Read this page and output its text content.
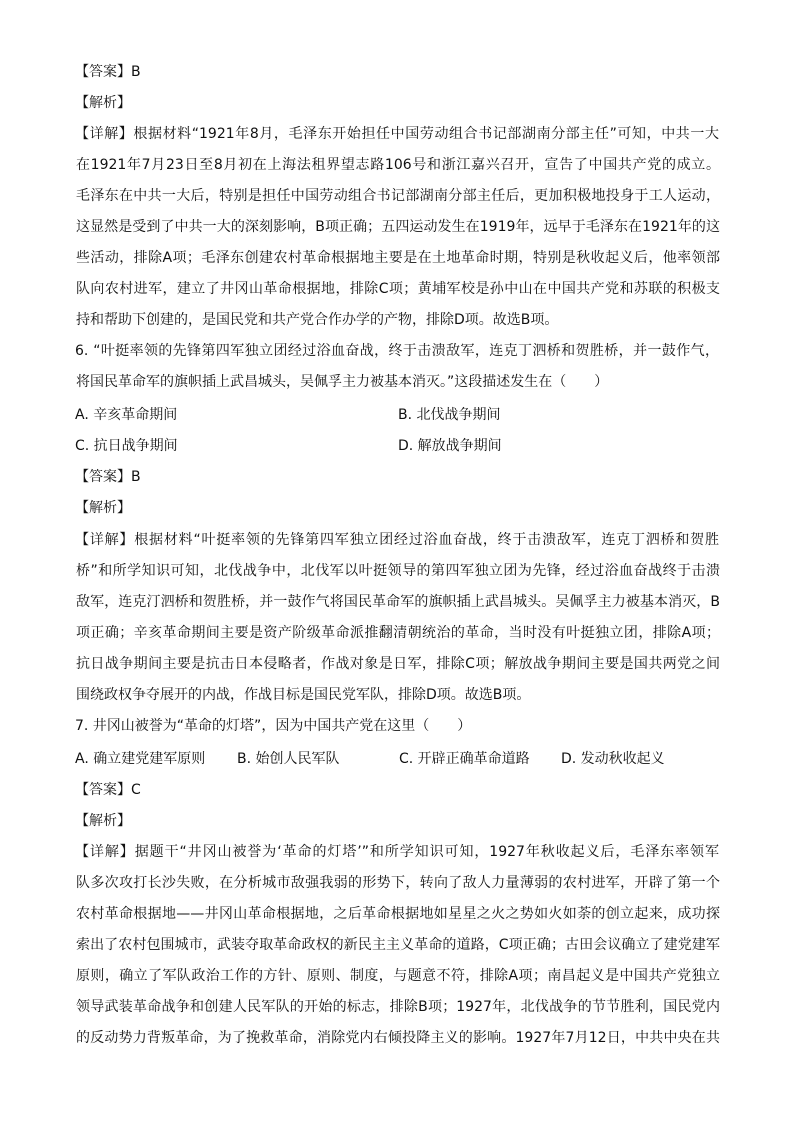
【答案】B
【解析】
【详解】根据材料“1921年8月，毛泽东开始担任中国劳动组合书记部湖南分部主任”可知，中共一大
在1921年7月23日至8月初在上海法租界望志路106号和浙江嘉兴召开，宣告了中国共产党的成立。
毛泽东在中共一大后，特别是担任中国劳动组合书记部湖南分部主任后，更加积极地投身于工人运动，
这显然是受到了中共一大的深刻影响，B项正确；五四运动发生在1919年，远早于毛泽东在1921年的这
些活动，排除A项；毛泽东创建农村革命根据地主要是在土地革命时期，特别是秋收起义后，他率领部
队向农村进军，建立了井冈山革命根据地，排除C项；黄埔军校是孙中山在中国共产党和苏联的积极支
持和帮助下创建的，是国民党和共产党合作办学的产物，排除D项。故选B项。
6. “叶挺率领的先锋第四军独立团经过浴血奋战，终于击溃敌军，连克丁泗桥和贺胜桥，并一鼓作气，
将国民革命军的旗帜插上武昌城头，吴佩孚主力被基本消灭。”这段描述发生在（　　）
A. 辛亥革命期间	B. 北伐战争期间
C. 抗日战争期间	D. 解放战争期间
【答案】B
【解析】
【详解】根据材料“叶挺率领的先锋第四军独立团经过浴血奋战，终于击溃敌军，连克丁泗桥和贺胜
桥”和所学知识可知，北伐战争中，北伐军以叶挺领导的第四军独立团为先锋，经过浴血奋战终于击溃
敌军，连克汀泗桥和贺胜桥，并一鼓作气将国民革命军的旗帜插上武昌城头。吴佩孚主力被基本消灭，B
项正确；辛亥革命期间主要是资产阶级革命派推翻清朝统治的革命，当时没有叶挺独立团，排除A项；
抗日战争期间主要是抗击日本侵略者，作战对象是日军，排除C项；解放战争期间主要是国共两党之间
围绕政权争夺展开的内战，作战目标是国民党军队，排除D项。故选B项。
7. 井冈山被誉为“革命的灯塔”，因为中国共产党在这里（　　）
A. 确立建党建军原则 B. 始创人民军队	C. 开辟正确革命道路 D. 发动秋收起义
【答案】C
【解析】
【详解】据题干“井冈山被誉为‘革命的灯塔’”和所学知识可知，1927年秋收起义后，毛泽东率领军
队多次攻打长沙失败，在分析城市敌强我弱的形势下，转向了敌人力量薄弱的农村进军，开辟了第一个
农村革命根据地——井冈山革命根据地，之后革命根据地如星星之火之势如火如荼的创立起来，成功探
索出了农村包围城市，武装夺取革命政权的新民主主义革命的道路，C项正确；古田会议确立了建党建军
原则，确立了军队政治工作的方针、原则、制度，与题意不符，排除A项；南昌起义是中国共产党独立
领导武装革命战争和创建人民军队的开始的标志，排除B项；1927年，北伐战争的节节胜利，国民党内
的反动势力背叛革命，为了挽救革命，消除党内右倾投降主义的影响。1927年7月12日，中共中央在共
